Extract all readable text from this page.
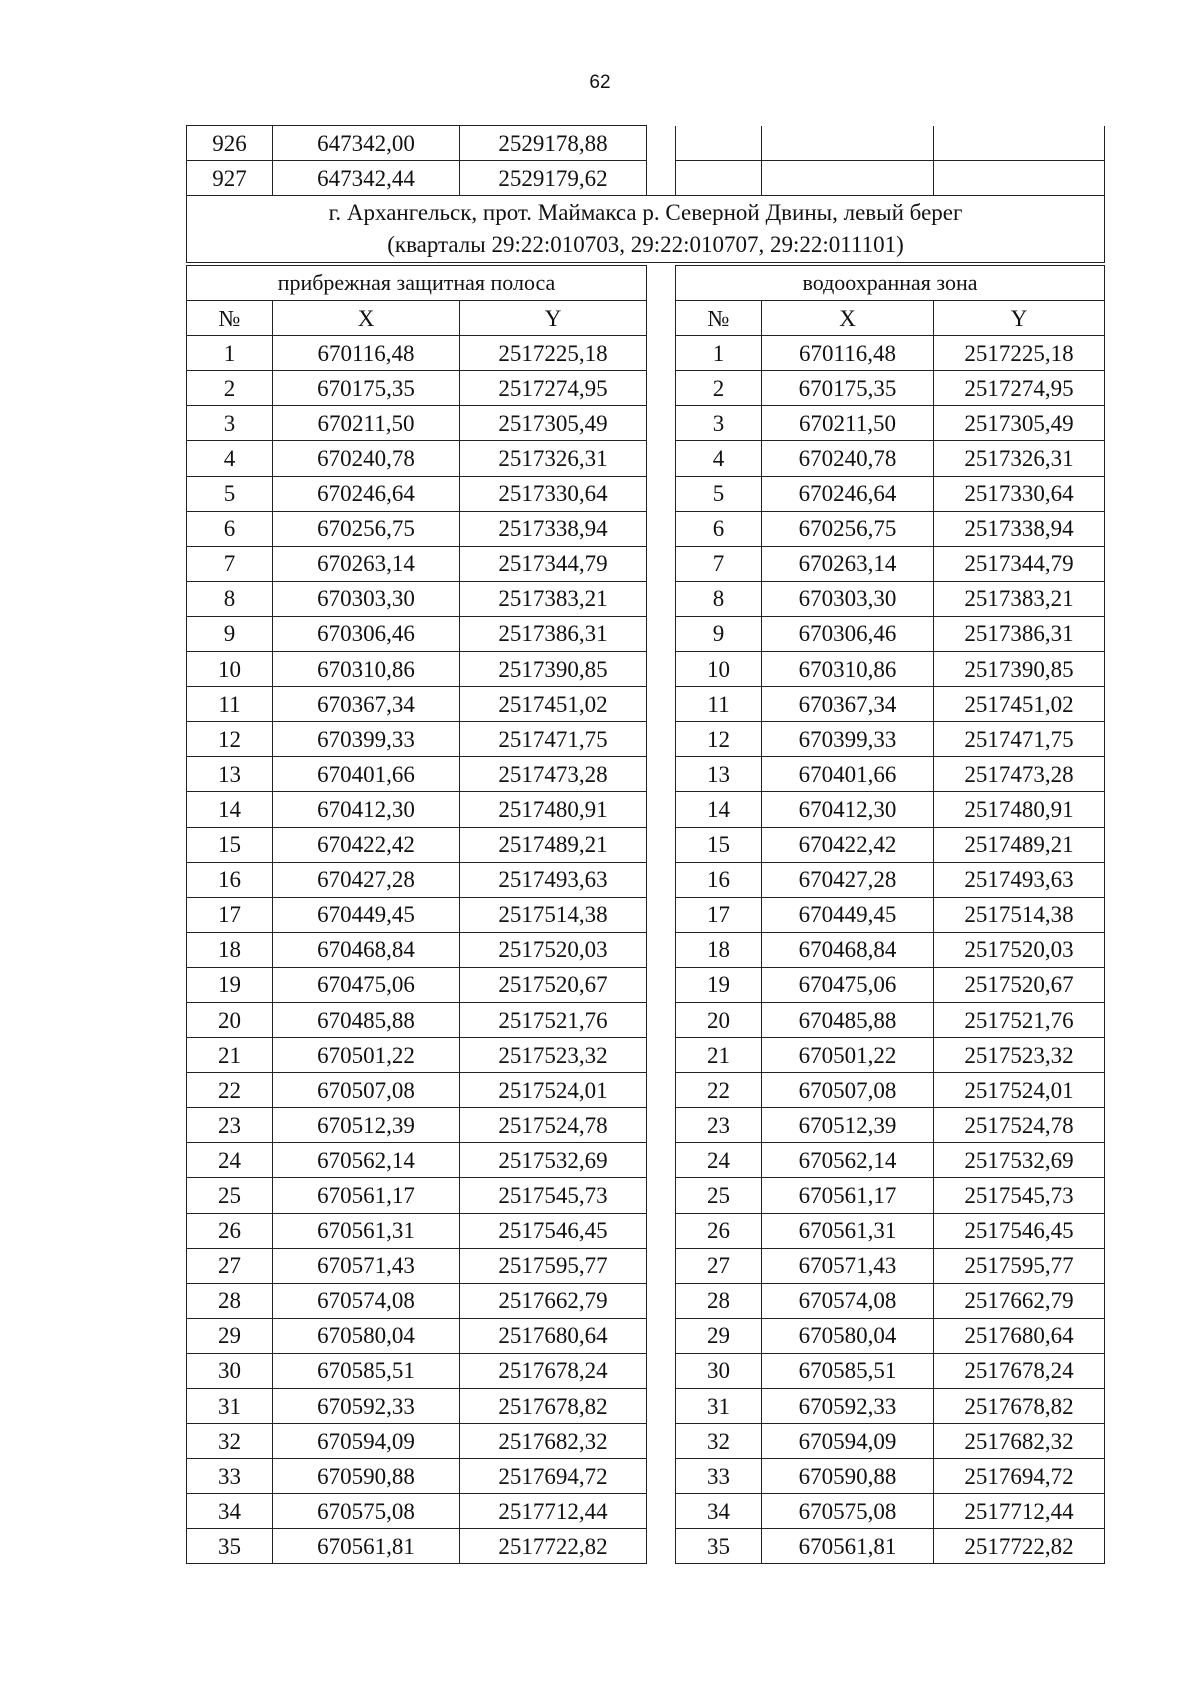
62
926	647342,00	2529178,88				
927	647342,44	2529179,62				

г. Архангельск, прот. Маймакса р. Северной Двины, левый берег
(кварталы 29:22:010703, 29:22:010707, 29:22:011101)						
прибрежная защитная полоса		
№	X	Y
1	670116,48	2517225,18
2	670175,35	2517274,95
3	670211,50	2517305,49
4	670240,78	2517326,31
5	670246,64	2517330,64
6	670256,75	2517338,94
7	670263,14	2517344,79
8	670303,30	2517383,21
9	670306,46	2517386,31
10	670310,86	2517390,85
11	670367,34	2517451,02
12	670399,33	2517471,75
13	670401,66	2517473,28
14	670412,30	2517480,91
15	670422,42	2517489,21
16	670427,28	2517493,63
17	670449,45	2517514,38
18	670468,84	2517520,03
19	670475,06	2517520,67
20	670485,88	2517521,76
21	670501,22	2517523,32
22	670507,08	2517524,01
23	670512,39	2517524,78
24	670562,14	2517532,69
25	670561,17	2517545,73
26	670561,31	2517546,45
27	670571,43	2517595,77
28	670574,08	2517662,79
29	670580,04	2517680,64
30	670585,51	2517678,24
31	670592,33	2517678,82
32	670594,09	2517682,32
33	670590,88	2517694,72
34	670575,08	2517712,44
35	670561,81	2517722,82
водоохранная зона		
№	X	Y
1	670116,48	2517225,18
2	670175,35	2517274,95
3	670211,50	2517305,49
4	670240,78	2517326,31
5	670246,64	2517330,64
6	670256,75	2517338,94
7	670263,14	2517344,79
8	670303,30	2517383,21
9	670306,46	2517386,31
10	670310,86	2517390,85
11	670367,34	2517451,02
12	670399,33	2517471,75
13	670401,66	2517473,28
14	670412,30	2517480,91
15	670422,42	2517489,21
16	670427,28	2517493,63
17	670449,45	2517514,38
18	670468,84	2517520,03
19	670475,06	2517520,67
20	670485,88	2517521,76
21	670501,22	2517523,32
22	670507,08	2517524,01
23	670512,39	2517524,78
24	670562,14	2517532,69
25	670561,17	2517545,73
26	670561,31	2517546,45
27	670571,43	2517595,77
28	670574,08	2517662,79
29	670580,04	2517680,64
30	670585,51	2517678,24
31	670592,33	2517678,82
32	670594,09	2517682,32
33	670590,88	2517694,72
34	670575,08	2517712,44
35	670561,81	2517722,82
